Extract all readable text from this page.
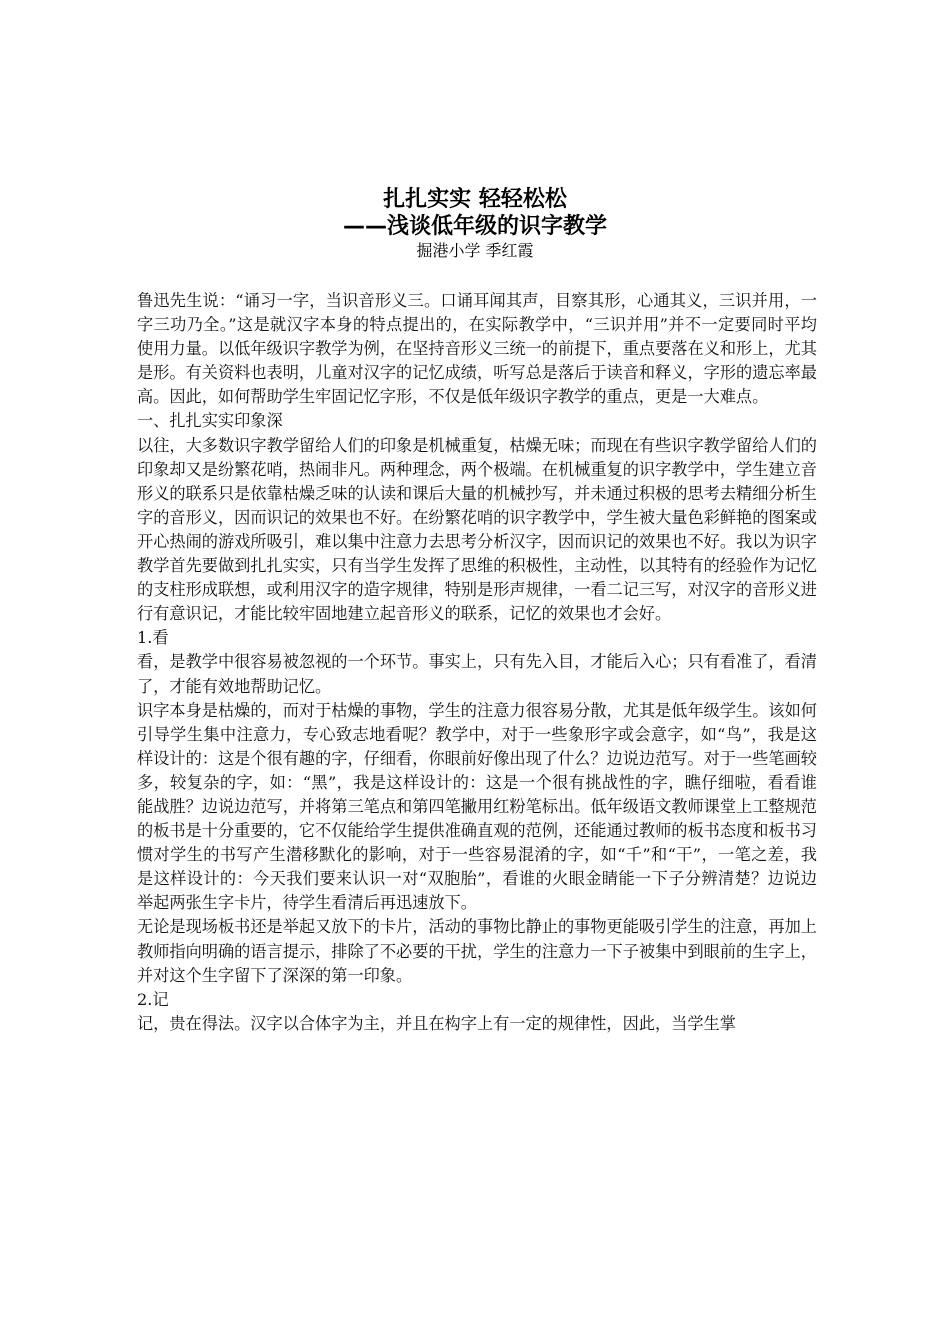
扎扎实实 轻轻松松
——浅谈低年级的识字教学
掘港小学 季红霞

鲁迅先生说：“诵习一字，当识音形义三。口诵耳闻其声，目察其形，心通其义，三识并用，一字三功乃全。”这是就汉字本身的特点提出的，在实际教学中，“三识并用”并不一定要同时平均使用力量。以低年级识字教学为例，在坚持音形义三统一的前提下，重点要落在义和形上，尤其是形。有关资料也表明，儿童对汉字的记忆成绩，听写总是落后于读音和释义，字形的遗忘率最高。因此，如何帮助学生牢固记忆字形，不仅是低年级识字教学的重点，更是一大难点。

一、扎扎实实印象深

以往，大多数识字教学留给人们的印象是机械重复，枯燥无味；而现在有些识字教学留给人们的印象却又是纷繁花哨，热闹非凡。两种理念，两个极端。在机械重复的识字教学中，学生建立音形义的联系只是依靠枯燥乏味的认读和课后大量的机械抄写，并未通过积极的思考去精细分析生字的音形义，因而识记的效果也不好。在纷繁花哨的识字教学中，学生被大量色彩鲜艳的图案或开心热闹的游戏所吸引，难以集中注意力去思考分析汉字，因而识记的效果也不好。我以为识字教学首先要做到扎扎实实，只有当学生发挥了思维的积极性，主动性，以其特有的经验作为记忆的支柱形成联想，或利用汉字的造字规律，特别是形声规律，一看二记三写，对汉字的音形义进行有意识记，才能比较牢固地建立起音形义的联系，记忆的效果也才会好。

1.看

看，是教学中很容易被忽视的一个环节。事实上，只有先入目，才能后入心；只有看准了，看清了，才能有效地帮助记忆。

识字本身是枯燥的，而对于枯燥的事物，学生的注意力很容易分散，尤其是低年级学生。该如何引导学生集中注意力，专心致志地看呢？教学中，对于一些象形字或会意字，如“鸟”，我是这样设计的：这是个很有趣的字，仔细看，你眼前好像出现了什么？边说边范写。对于一些笔画较多，较复杂的字，如：“黑”，我是这样设计的：这是一个很有挑战性的字，瞧仔细啦，看看谁能战胜？边说边范写，并将第三笔点和第四笔撇用红粉笔标出。低年级语文教师课堂上工整规范的板书是十分重要的，它不仅能给学生提供准确直观的范例，还能通过教师的板书态度和板书习惯对学生的书写产生潜移默化的影响，对于一些容易混淆的字，如“千”和“干”，一笔之差，我是这样设计的：今天我们要来认识一对“双胞胎”，看谁的火眼金睛能一下子分辨清楚？边说边举起两张生字卡片，待学生看清后再迅速放下。

无论是现场板书还是举起又放下的卡片，活动的事物比静止的事物更能吸引学生的注意，再加上教师指向明确的语言提示，排除了不必要的干扰，学生的注意力一下子被集中到眼前的生字上，并对这个生字留下了深深的第一印象。

2.记

记，贵在得法。汉字以合体字为主，并且在构字上有一定的规律性，因此，当学生掌
